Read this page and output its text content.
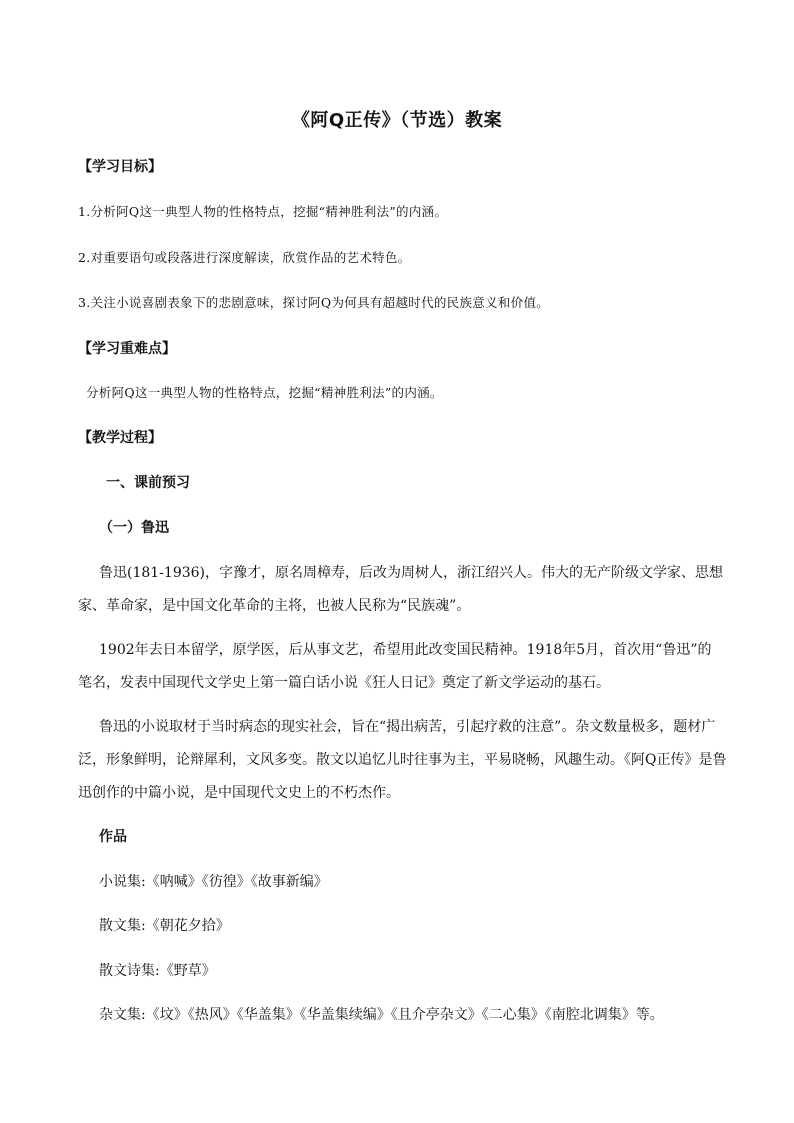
《阿Q正传》（节选）教案
【学习目标】
1.分析阿Q这一典型人物的性格特点，挖掘“精神胜利法”的内涵。
2.对重要语句或段落进行深度解读，欣赏作品的艺术特色。
3.关注小说喜剧表象下的悲剧意味，探讨阿Q为何具有超越时代的民族意义和价值。
【学习重难点】
分析阿Q这一典型人物的性格特点，挖掘“精神胜利法”的内涵。
【教学过程】
一、课前预习
（一）鲁迅
鲁迅(181-1936)，字豫才，原名周樟寿，后改为周树人，浙江绍兴人。伟大的无产阶级文学家、思想
家、革命家，是中国文化革命的主将，也被人民称为“民族魂”。
1902年去日本留学，原学医，后从事文艺，希望用此改变国民精神。1918年5月，首次用“鲁迅”的
笔名，发表中国现代文学史上第一篇白话小说《狂人日记》奠定了新文学运动的基石。
鲁迅的小说取材于当时病态的现实社会，旨在“揭出病苦，引起疗救的注意”。杂文数量极多，题材广
泛，形象鲜明，论辩犀利，文风多变。散文以追忆儿时往事为主，平易晓畅，风趣生动。《阿Q正传》是鲁
迅创作的中篇小说，是中国现代文史上的不朽杰作。
作品
小说集:《呐喊》《彷徨》《故事新编》
散文集:《朝花夕拾》
散文诗集:《野草》
杂文集:《坟》《热风》《华盖集》《华盖集续编》《且介亭杂文》《二心集》《南腔北调集》等。
